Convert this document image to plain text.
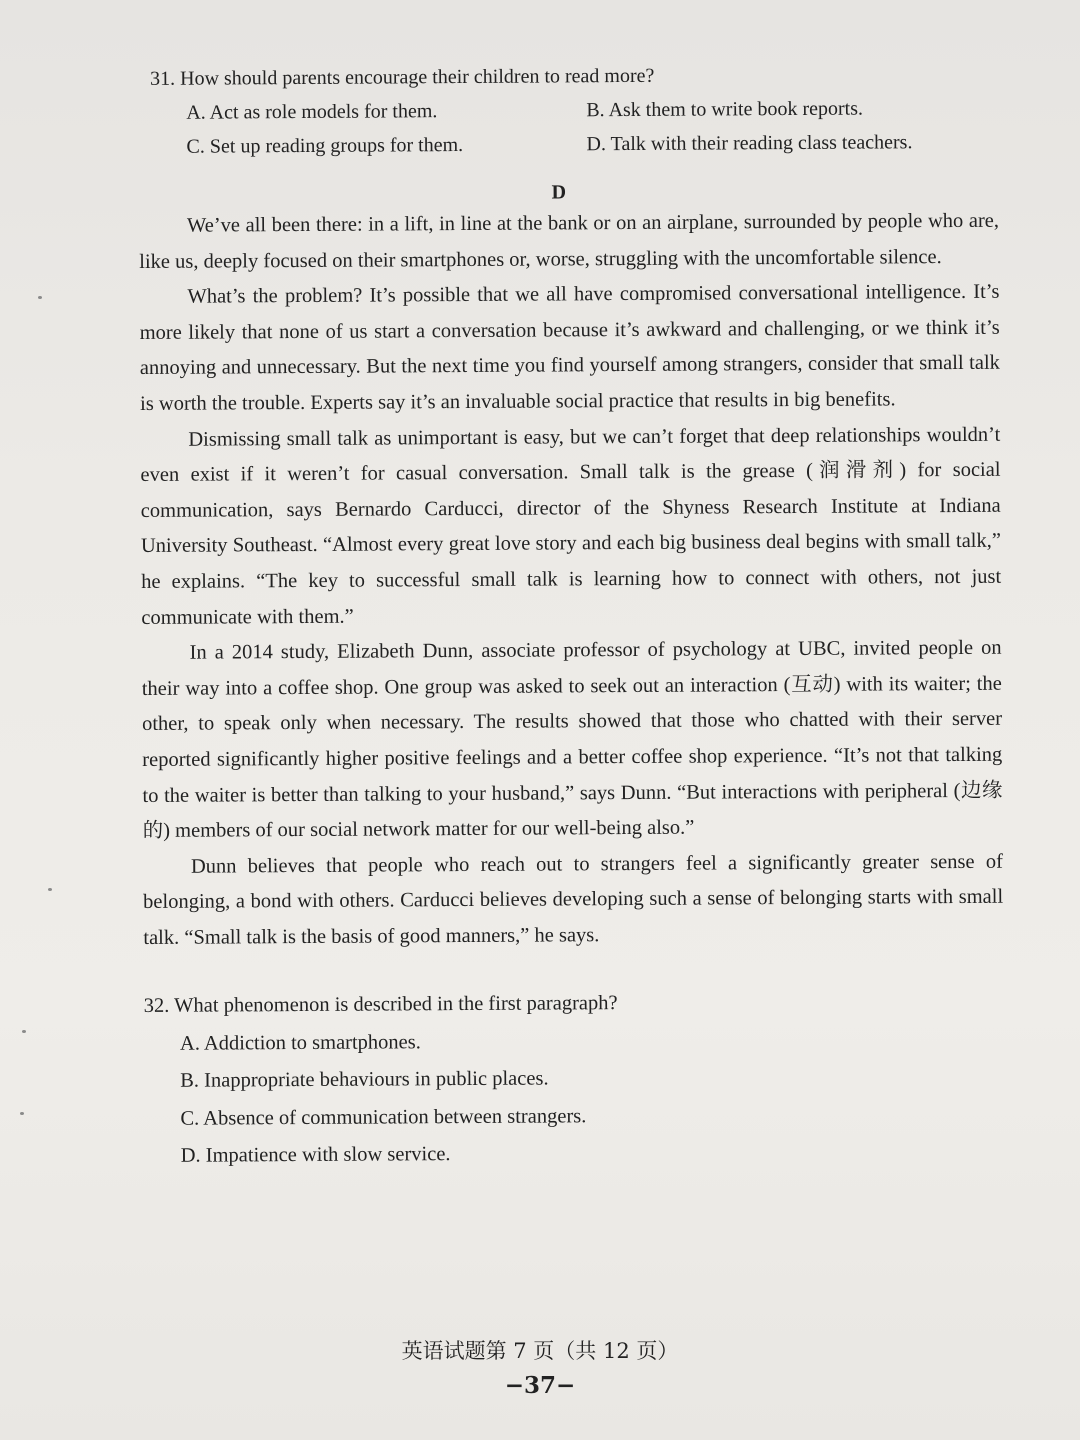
31. How should parents encourage their children to read more?
A. Act as role models for them.	B. Ask them to write book reports.
C. Set up reading groups for them.	D. Talk with their reading class teachers.
D

We’ve all been there: in a lift, in line at the bank or on an airplane, surrounded by people who are, like us, deeply focused on their smartphones or, worse, struggling with the uncomfortable silence.

What’s the problem? It’s possible that we all have compromised conversational intelligence. It’s more likely that none of us start a conversation because it’s awkward and challenging, or we think it’s annoying and unnecessary. But the next time you find yourself among strangers, consider that small talk is worth the trouble. Experts say it’s an invaluable social practice that results in big benefits.

Dismissing small talk as unimportant is easy, but we can’t forget that deep relationships wouldn’t even exist if it weren’t for casual conversation. Small talk is the grease (润滑剂) for social communication, says Bernardo Carducci, director of the Shyness Research Institute at Indiana University Southeast. “Almost every great love story and each big business deal begins with small talk,” he explains. “The key to successful small talk is learning how to connect with others, not just communicate with them.”

In a 2014 study, Elizabeth Dunn, associate professor of psychology at UBC, invited people on their way into a coffee shop. One group was asked to seek out an interaction (互动) with its waiter; the other, to speak only when necessary. The results showed that those who chatted with their server reported significantly higher positive feelings and a better coffee shop experience. “It’s not that talking to the waiter is better than talking to your husband,” says Dunn. “But interactions with peripheral (边缘的) members of our social network matter for our well-being also.”

Dunn believes that people who reach out to strangers feel a significantly greater sense of belonging, a bond with others. Carducci believes developing such a sense of belonging starts with small talk. “Small talk is the basis of good manners,” he says.

32. What phenomenon is described in the first paragraph?
A. Addiction to smartphones.
B. Inappropriate behaviours in public places.
C. Absence of communication between strangers.
D. Impatience with slow service.
英语试题第 7 页（共 12 页）
−37−
